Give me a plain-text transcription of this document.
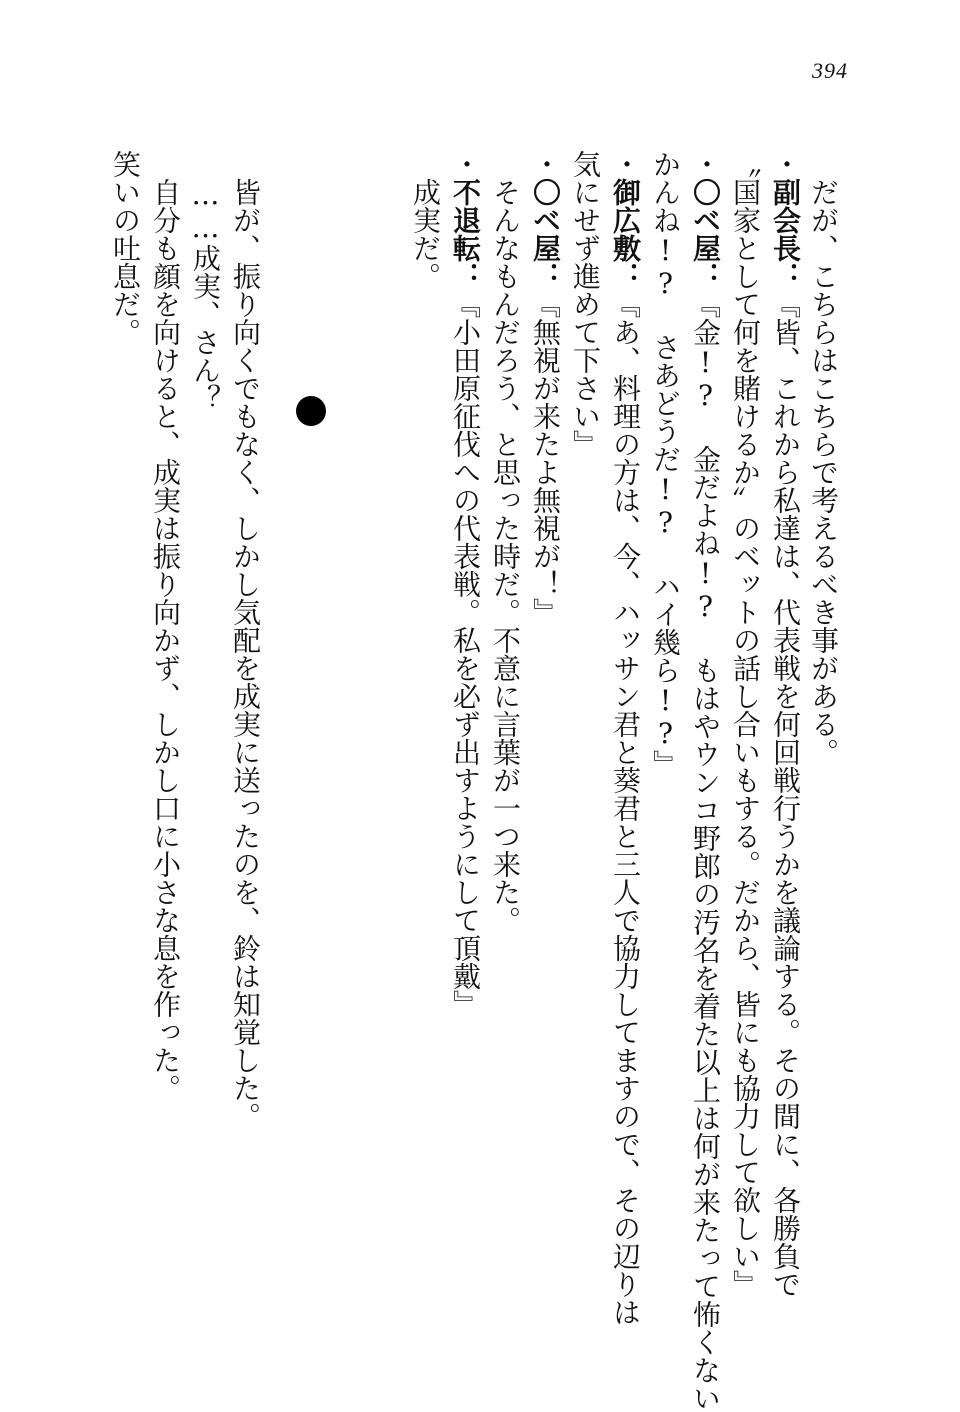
394
だが、こちらはこちらで考えるべき事がある。
・副会長：『皆、これから私達は、代表戦を何回戦行うかを議論する。その間に、各勝負で
〝国家として何を賭けるか〟のベットの話し合いもする。だから、皆にも協力して欲しい』
・〇ベ屋：『金!? 金だよね!? もはやウンコ野郎の汚名を着た以上は何が来たって怖くない
かんね!? さあどうだ!? ハイ幾ら!?』
・御広敷：『あ、料理の方は、今、ハッサン君と葵君と三人で協力してますので、その辺りは
気にせず進めて下さい』
・〇ベ屋：『無視が来たよ無視が！』
そんなもんだろう、と思った時だ。不意に言葉が一つ来た。
・不退転：『小田原征伐への代表戦。私を必ず出すようにして頂戴』
成実だ。
皆が、振り向くでもなく、しかし気配を成実に送ったのを、鈴は知覚した。
……成実、さん？
自分も顔を向けると、成実は振り向かず、しかし口に小さな息を作った。
笑いの吐息だ。
